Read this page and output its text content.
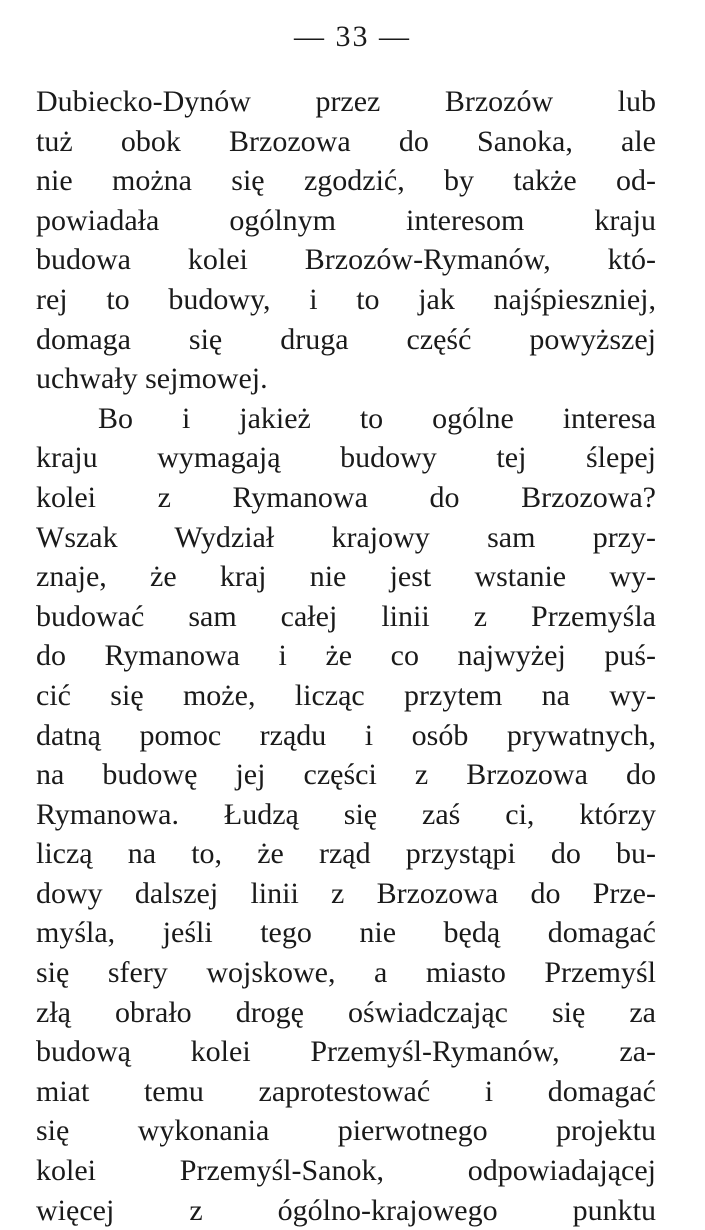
— 33 —
Dubiecko-Dynów przez Brzozów lub
tuż obok Brzozowa do Sanoka, ale
nie można się zgodzić, by także od-
powiadała ogólnym interesom kraju
budowa kolei Brzozów-Rymanów, któ-
rej to budowy, i to jak najśpieszniej,
domaga się druga część powyższej
uchwały sejmowej.
Bo i jakież to ogólne interesa
kraju wymagają budowy tej ślepej
kolei z Rymanowa do Brzozowa?
Wszak Wydział krajowy sam przy-
znaje, że kraj nie jest wstanie wy-
budować sam całej linii z Przemyśla
do Rymanowa i że co najwyżej puś-
cić się może, licząc przytem na wy-
datną pomoc rządu i osób prywatnych,
na budowę jej części z Brzozowa do
Rymanowa. Łudzą się zaś ci, którzy
liczą na to, że rząd przystąpi do bu-
dowy dalszej linii z Brzozowa do Prze-
myśla, jeśli tego nie będą domagać
się sfery wojskowe, a miasto Przemyśl
złą obrało drogę oświadczając się za
budową kolei Przemyśl-Rymanów, za-
miat temu zaprotestować i domagać
się wykonania pierwotnego projektu
kolei Przemyśl-Sanok, odpowiadającej
więcej z ógólno-krajowego punktu
